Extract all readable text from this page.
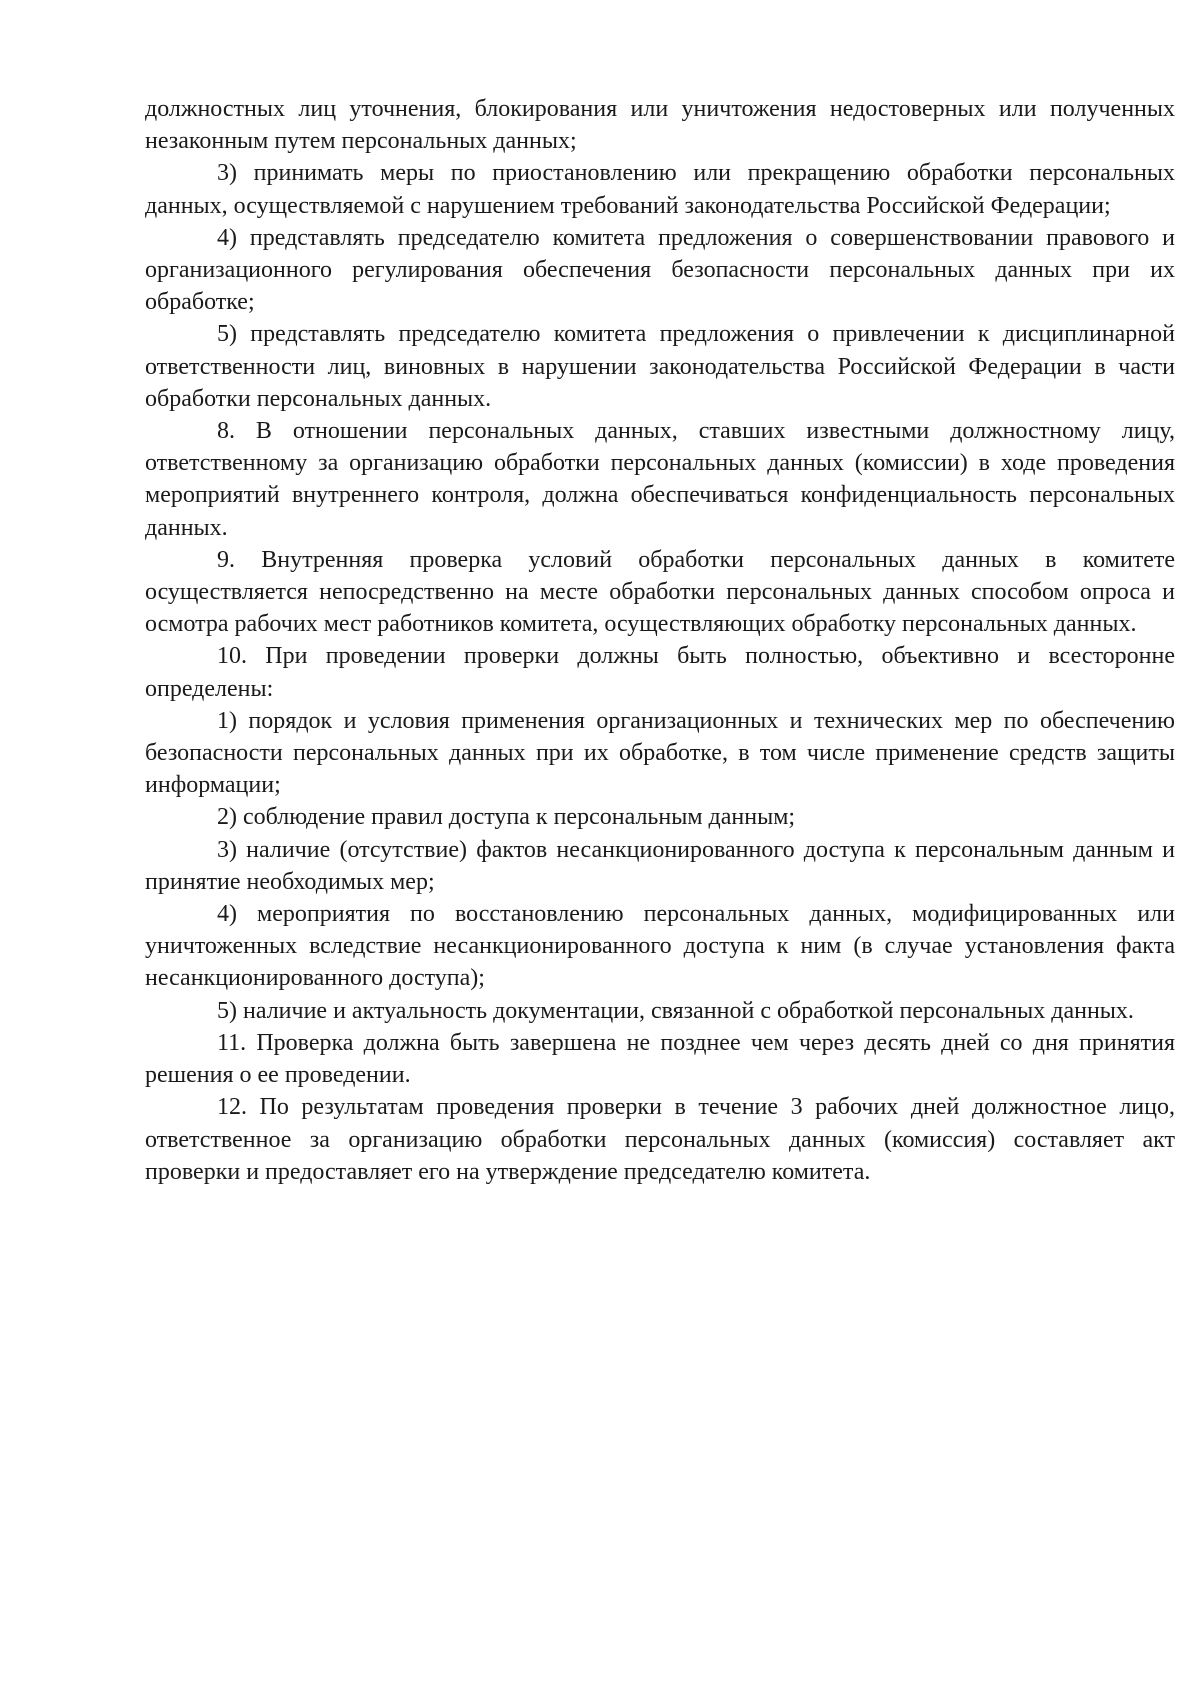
должностных лиц уточнения, блокирования или уничтожения недостоверных или полученных незаконным путем персональных данных;

3) принимать меры по приостановлению или прекращению обработки персональных данных, осуществляемой с нарушением требований законодательства Российской Федерации;

4) представлять председателю комитета предложения о совершенствовании правового и организационного регулирования обеспечения безопасности персональных данных при их обработке;

5) представлять председателю комитета предложения о привлечении к дисциплинарной ответственности лиц, виновных в нарушении законодательства Российской Федерации в части обработки персональных данных.

8. В отношении персональных данных, ставших известными должностному лицу, ответственному за организацию обработки персональных данных (комиссии) в ходе проведения мероприятий внутреннего контроля, должна обеспечиваться конфиденциальность персональных данных.

9. Внутренняя проверка условий обработки персональных данных в комитете осуществляется непосредственно на месте обработки персональных данных способом опроса и осмотра рабочих мест работников комитета, осуществляющих обработку персональных данных.

10. При проведении проверки должны быть полностью, объективно и всесторонне определены:

1) порядок и условия применения организационных и технических мер по обеспечению безопасности персональных данных при их обработке, в том числе применение средств защиты информации;

2) соблюдение правил доступа к персональным данным;

3) наличие (отсутствие) фактов несанкционированного доступа к персональным данным и принятие необходимых мер;

4) мероприятия по восстановлению персональных данных, модифицированных или уничтоженных вследствие несанкционированного доступа к ним (в случае установления факта несанкционированного доступа);

5) наличие и актуальность документации, связанной с обработкой персональных данных.

11. Проверка должна быть завершена не позднее чем через десять дней со дня принятия решения о ее проведении.

12. По результатам проведения проверки в течение 3 рабочих дней должностное лицо, ответственное за организацию обработки персональных данных (комиссия) составляет акт проверки и предоставляет его на утверждение председателю комитета.
